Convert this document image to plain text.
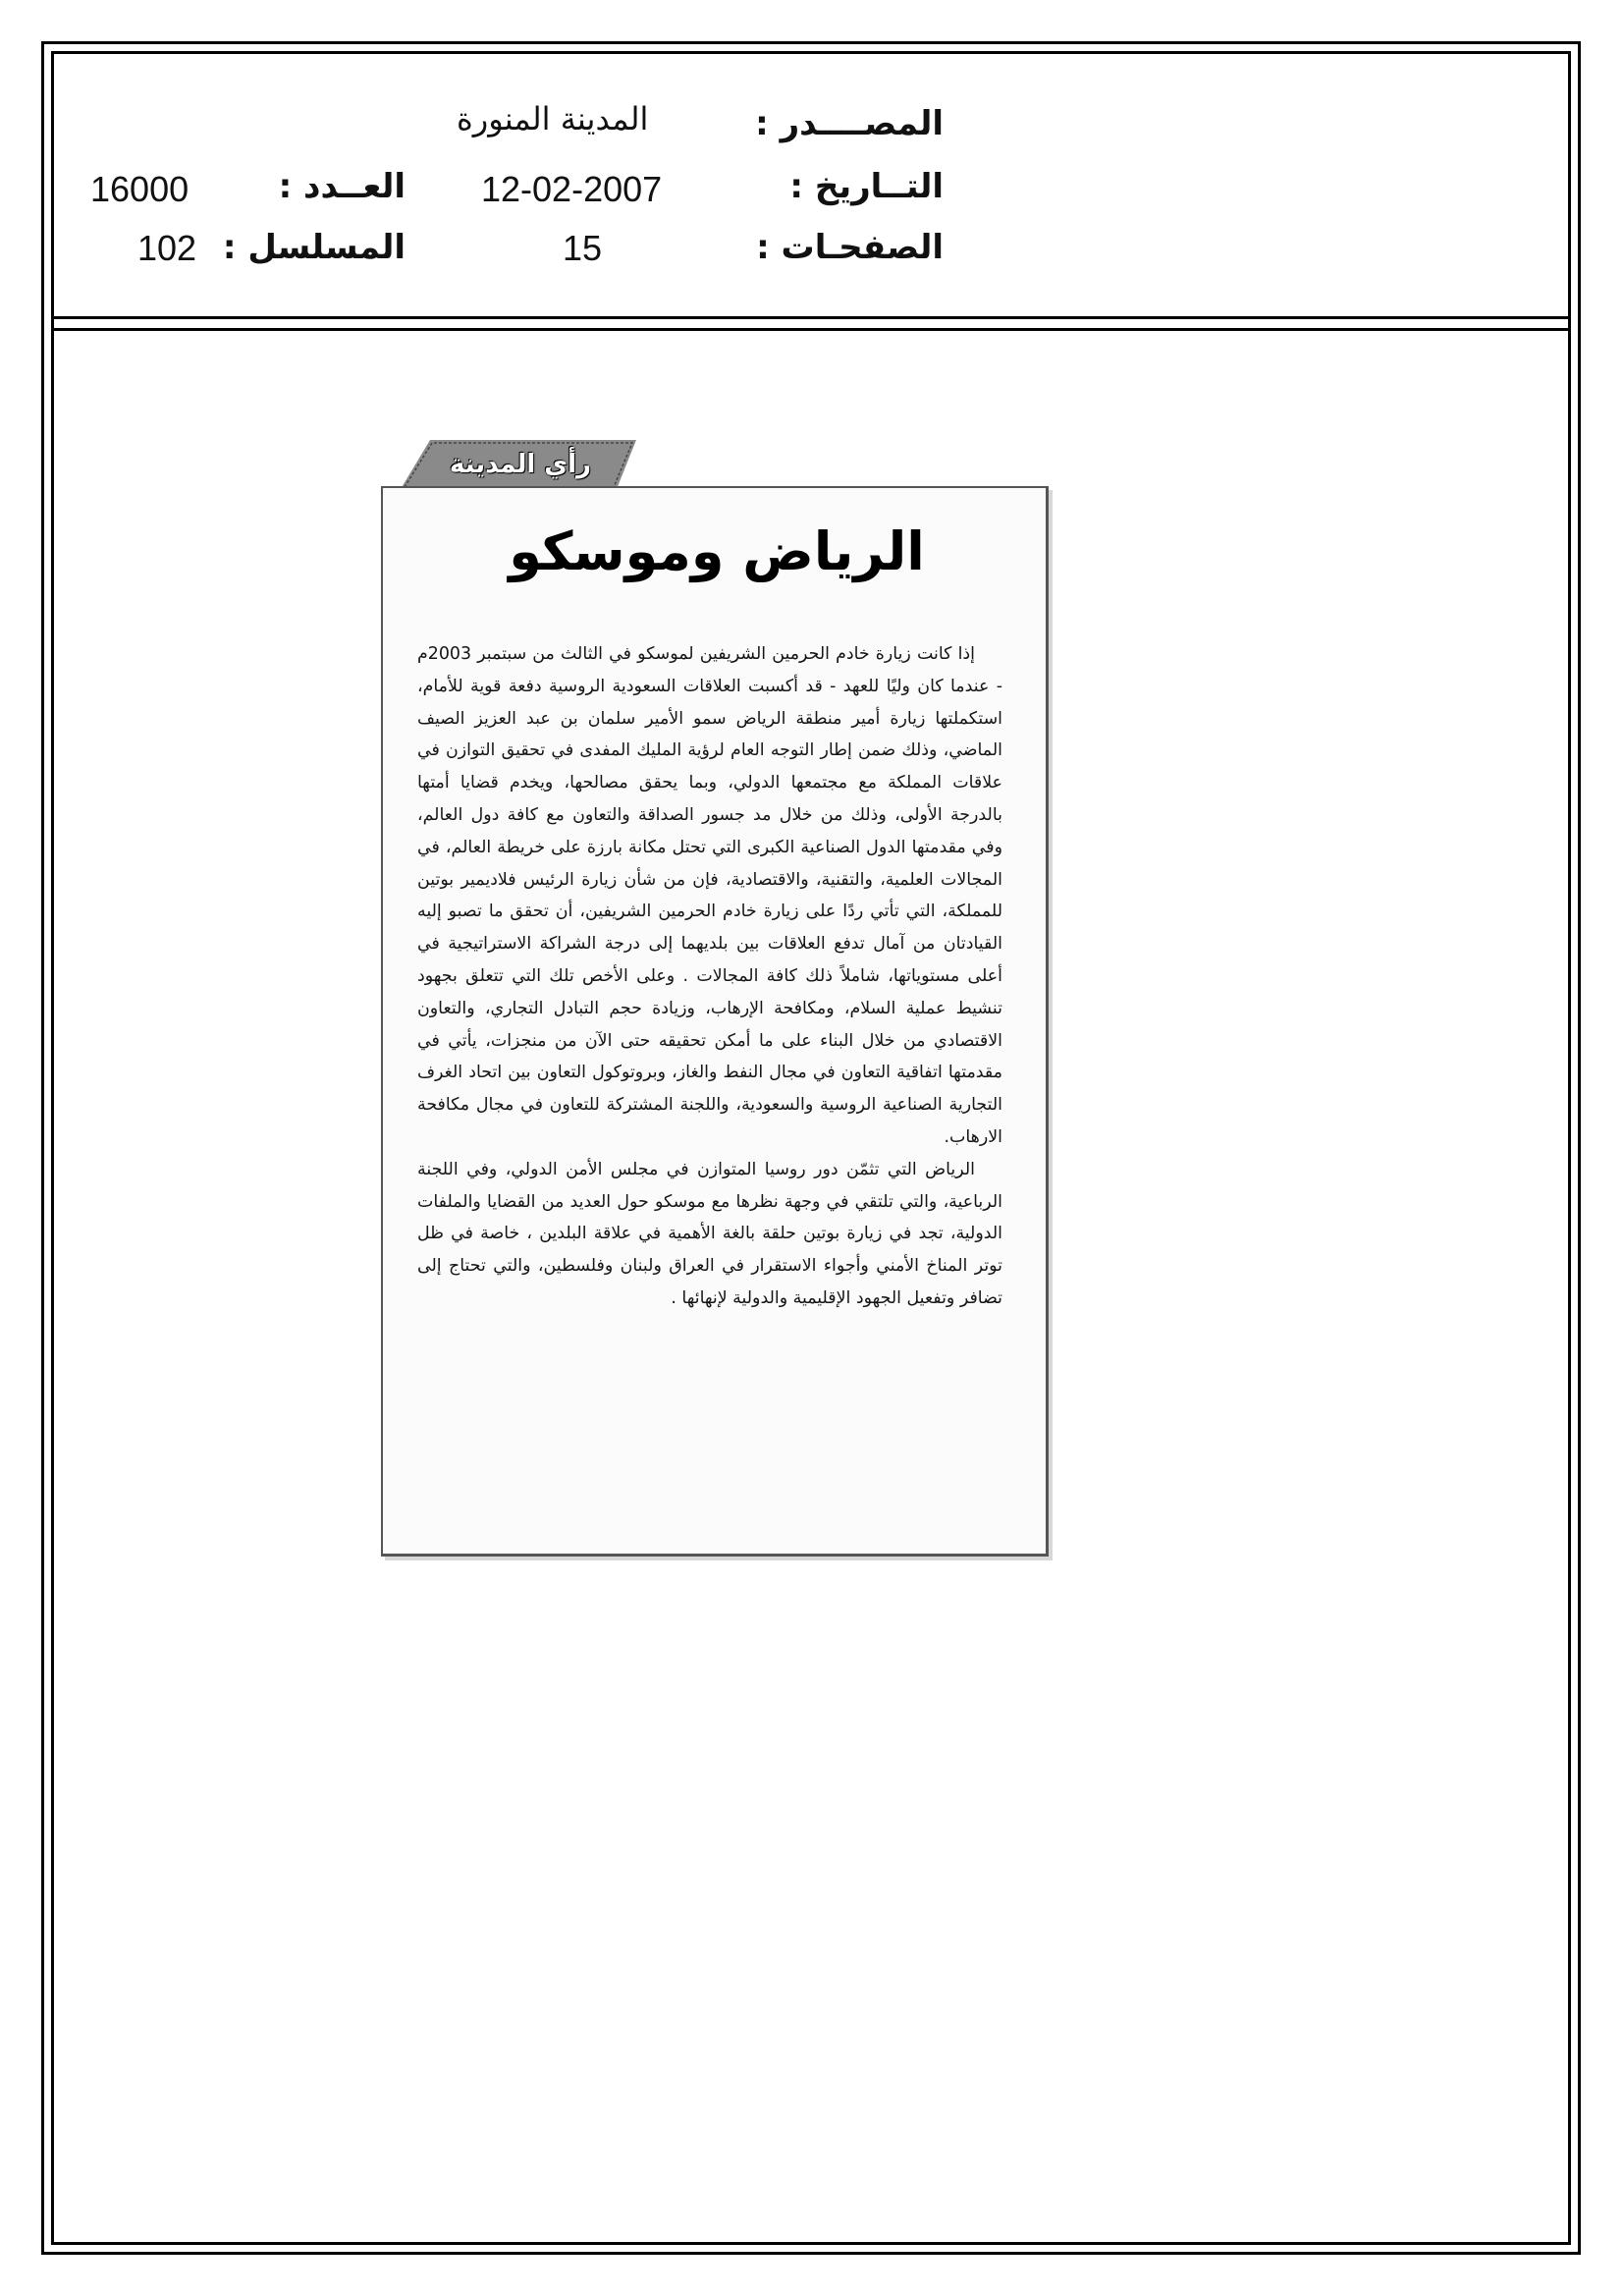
المصــــدر :
المدينة المنورة
التــاريخ :
12-02-2007
الصفحـات :
15
العــدد :
16000
المسلسل :
102
رأي المدينة
الرياض وموسكو

إذا كانت زيارة خادم الحرمين الشريفين لموسكو في الثالث من سبتمبر 2003م - عندما كان وليًا للعهد - قد أكسبت العلاقات السعودية الروسية دفعة قوية للأمام، استكملتها زيارة أمير منطقة الرياض سمو الأمير سلمان بن عبد العزيز الصيف الماضي، وذلك ضمن إطار التوجه العام لرؤية المليك المفدى في تحقيق التوازن في علاقات المملكة مع مجتمعها الدولي، وبما يحقق مصالحها، ويخدم قضايا أمتها بالدرجة الأولى، وذلك من خلال مد جسور الصداقة والتعاون مع كافة دول العالم، وفي مقدمتها الدول الصناعية الكبرى التي تحتل مكانة بارزة على خريطة العالم، في المجالات العلمية، والتقنية، والاقتصادية، فإن من شأن زيارة الرئيس فلاديمير بوتين للمملكة، التي تأتي ردًا على زيارة خادم الحرمين الشريفين، أن تحقق ما تصبو إليه القيادتان من آمال تدفع العلاقات بين بلديهما إلى درجة الشراكة الاستراتيجية في أعلى مستوياتها، شاملاً ذلك كافة المجالات . وعلى الأخص تلك التي تتعلق بجهود تنشيط عملية السلام، ومكافحة الإرهاب، وزيادة حجم التبادل التجاري، والتعاون الاقتصادي من خلال البناء على ما أمكن تحقيقه حتى الآن من منجزات، يأتي في مقدمتها اتفاقية التعاون في مجال النفط والغاز، وبروتوكول التعاون بين اتحاد الغرف التجارية الصناعية الروسية والسعودية، واللجنة المشتركة للتعاون في مجال مكافحة الارهاب.

الرياض التي تثمّن دور روسيا المتوازن في مجلس الأمن الدولي، وفي اللجنة الرباعية، والتي تلتقي في وجهة نظرها مع موسكو حول العديد من القضايا والملفات الدولية، تجد في زيارة بوتين حلقة بالغة الأهمية في علاقة البلدين ، خاصة في ظل توتر المناخ الأمني وأجواء الاستقرار في العراق ولبنان وفلسطين، والتي تحتاج إلى تضافر وتفعيل الجهود الإقليمية والدولية لإنهائها .
